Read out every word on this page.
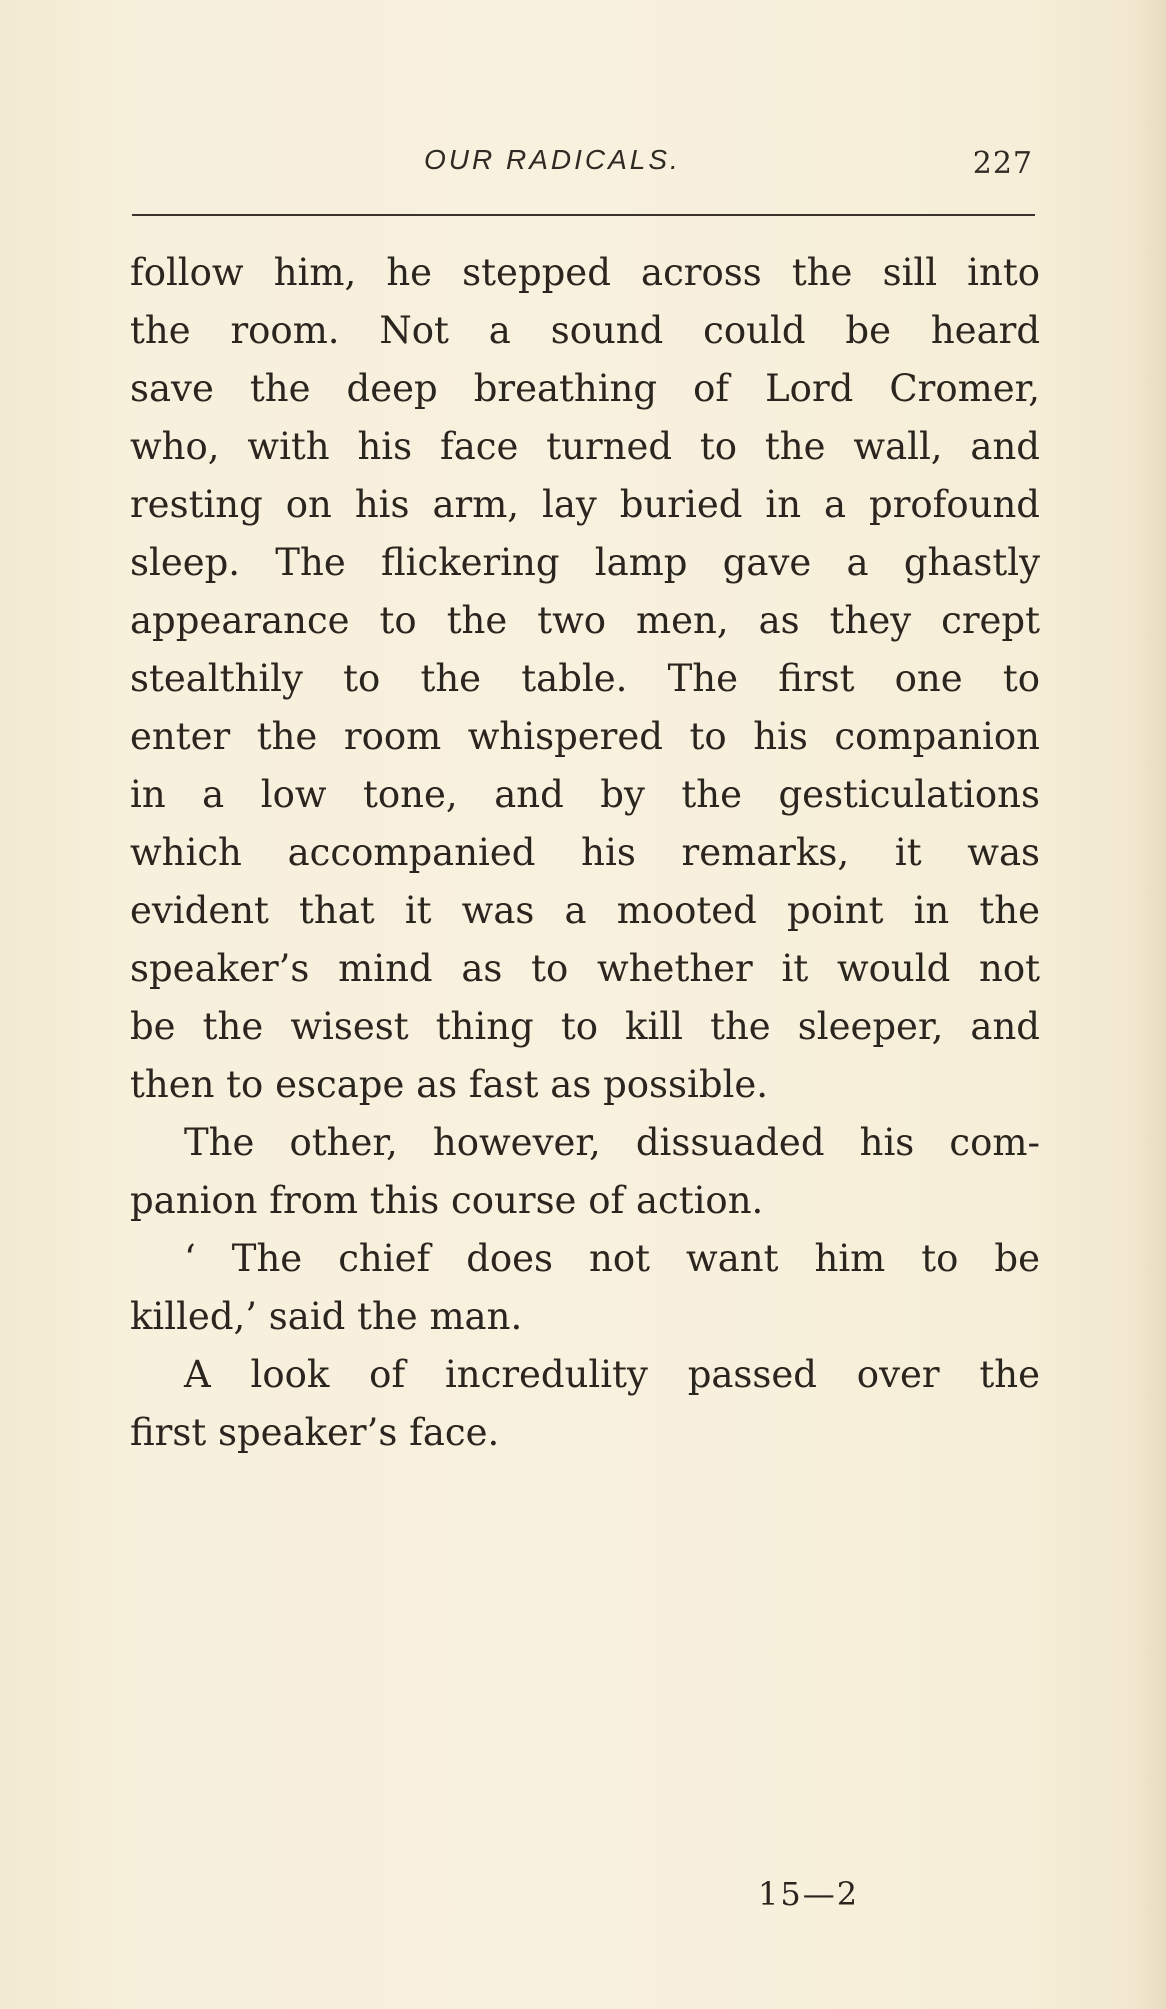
OUR RADICALS.	227
follow him, he stepped across the sill into
the room. Not a sound could be heard
save the deep breathing of Lord Cromer,
who, with his face turned to the wall, and
resting on his arm, lay buried in a profound
sleep. The flickering lamp gave a ghastly
appearance to the two men, as they crept
stealthily to the table. The first one to
enter the room whispered to his companion
in a low tone, and by the gesticulations
which accompanied his remarks, it was
evident that it was a mooted point in the
speaker’s mind as to whether it would not
be the wisest thing to kill the sleeper, and
then to escape as fast as possible.
The other, however, dissuaded his com-
panion from this course of action.
‘ The chief does not want him to be
killed,’ said the man.
A look of incredulity passed over the
first speaker’s face.
15—2
